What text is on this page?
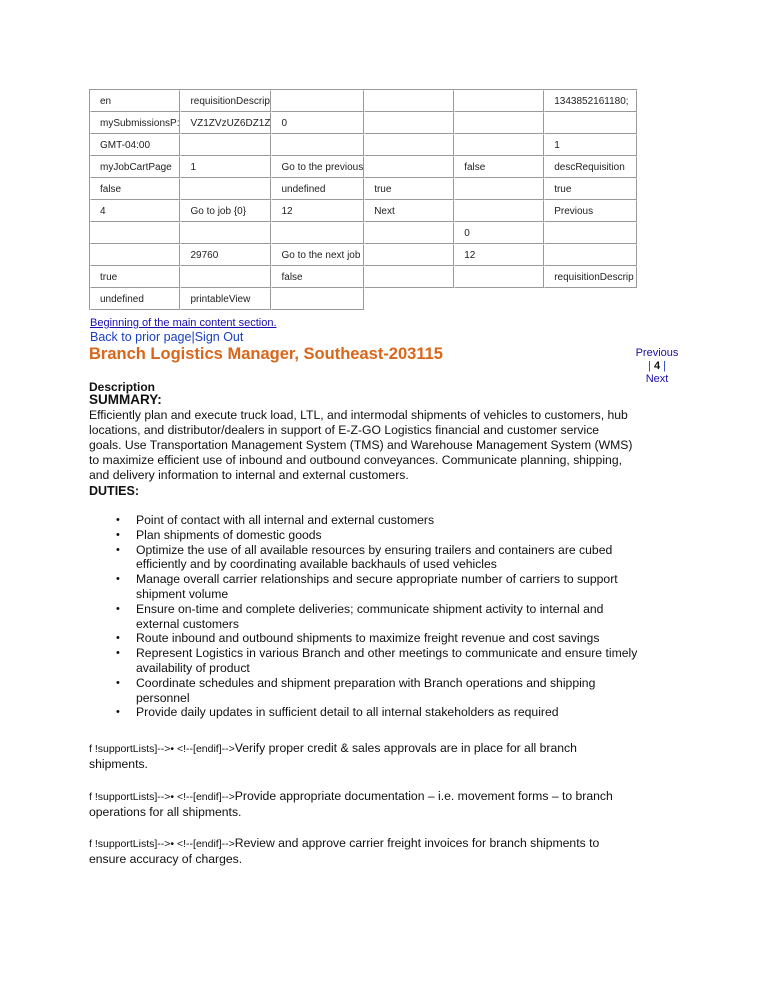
en	requisitionDescrip				1343852161180;
mySubmissionsP:	VZ1ZVzUZ6DZ1Z	0			
GMT-04:00					1
myJobCartPage	1	Go to the previous		false	descRequisition
false		undefined	true		true
4	Go to job {0}	12	Next		Previous
				0	
	29760	Go to the next job		12	
true		false			requisitionDescrip
undefined	printableView			
Beginning of the main content section.
Back to prior page|Sign Out
Previous
| 4 |
Next
Branch Logistics Manager, Southeast-203115
Description
SUMMARY:

Efficiently plan and execute truck load, LTL, and intermodal shipments of vehicles to customers, hub locations, and distributor/dealers in support of E-Z-GO Logistics financial and customer service goals. Use Transportation Management System (TMS) and Warehouse Management System (WMS) to maximize efficient use of inbound and outbound conveyances. Communicate planning, shipping, and delivery information to internal and external customers.

DUTIES:
• Point of contact with all internal and external customers
• Plan shipments of domestic goods
• Optimize the use of all available resources by ensuring trailers and containers are cubed efficiently and by coordinating available backhauls of used vehicles
• Manage overall carrier relationships and secure appropriate number of carriers to support shipment volume
• Ensure on-time and complete deliveries; communicate shipment activity to internal and external customers
• Route inbound and outbound shipments to maximize freight revenue and cost savings
• Represent Logistics in various Branch and other meetings to communicate and ensure timely availability of product
• Coordinate schedules and shipment preparation with Branch operations and shipping personnel
• Provide daily updates in sufficient detail to all internal stakeholders as required

f !supportLists]-->• <!--[endif]-->Verify proper credit & sales approvals are in place for all branch shipments.

f !supportLists]-->• <!--[endif]-->Provide appropriate documentation – i.e. movement forms – to branch operations for all shipments.

f !supportLists]-->• <!--[endif]-->Review and approve carrier freight invoices for branch shipments to ensure accuracy of charges.
